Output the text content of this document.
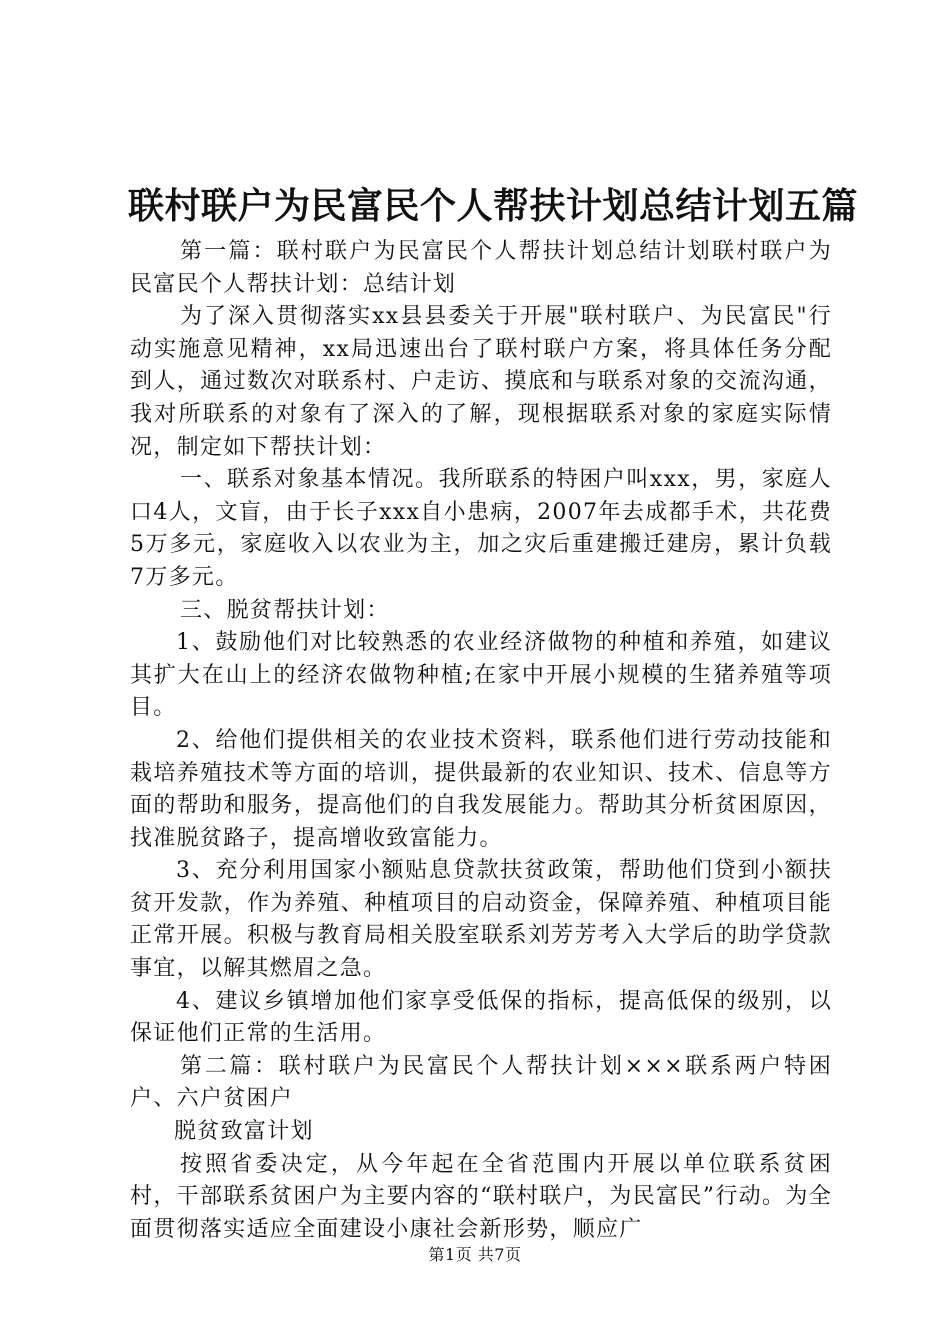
联村联户为民富民个人帮扶计划总结计划五篇

第一篇：联村联户为民富民个人帮扶计划总结计划联村联户为民富民个人帮扶计划：总结计划

为了深入贯彻落实xx县县委关于开展"联村联户、为民富民"行动实施意见精神，xx局迅速出台了联村联户方案，将具体任务分配到人，通过数次对联系村、户走访、摸底和与联系对象的交流沟通，我对所联系的对象有了深入的了解，现根据联系对象的家庭实际情况，制定如下帮扶计划：

一、联系对象基本情况。我所联系的特困户叫xxx，男，家庭人口4人，文盲，由于长子xxx自小患病，2007年去成都手术，共花费5万多元，家庭收入以农业为主，加之灾后重建搬迁建房，累计负载7万多元。

三、脱贫帮扶计划：

1、鼓励他们对比较熟悉的农业经济做物的种植和养殖，如建议其扩大在山上的经济农做物种植;在家中开展小规模的生猪养殖等项目。

2、给他们提供相关的农业技术资料，联系他们进行劳动技能和栽培养殖技术等方面的培训，提供最新的农业知识、技术、信息等方面的帮助和服务，提高他们的自我发展能力。帮助其分析贫困原因，找准脱贫路子，提高增收致富能力。

3、充分利用国家小额贴息贷款扶贫政策，帮助他们贷到小额扶贫开发款，作为养殖、种植项目的启动资金，保障养殖、种植项目能正常开展。积极与教育局相关股室联系刘芳芳考入大学后的助学贷款事宜，以解其燃眉之急。

4、建议乡镇增加他们家享受低保的指标，提高低保的级别，以保证他们正常的生活用。

第二篇：联村联户为民富民个人帮扶计划×××联系两户特困户、六户贫困户

脱贫致富计划

按照省委决定，从今年起在全省范围内开展以单位联系贫困村，干部联系贫困户为主要内容的“联村联户，为民富民”行动。为全面贯彻落实适应全面建设小康社会新形势，顺应广

第1页 共7页
